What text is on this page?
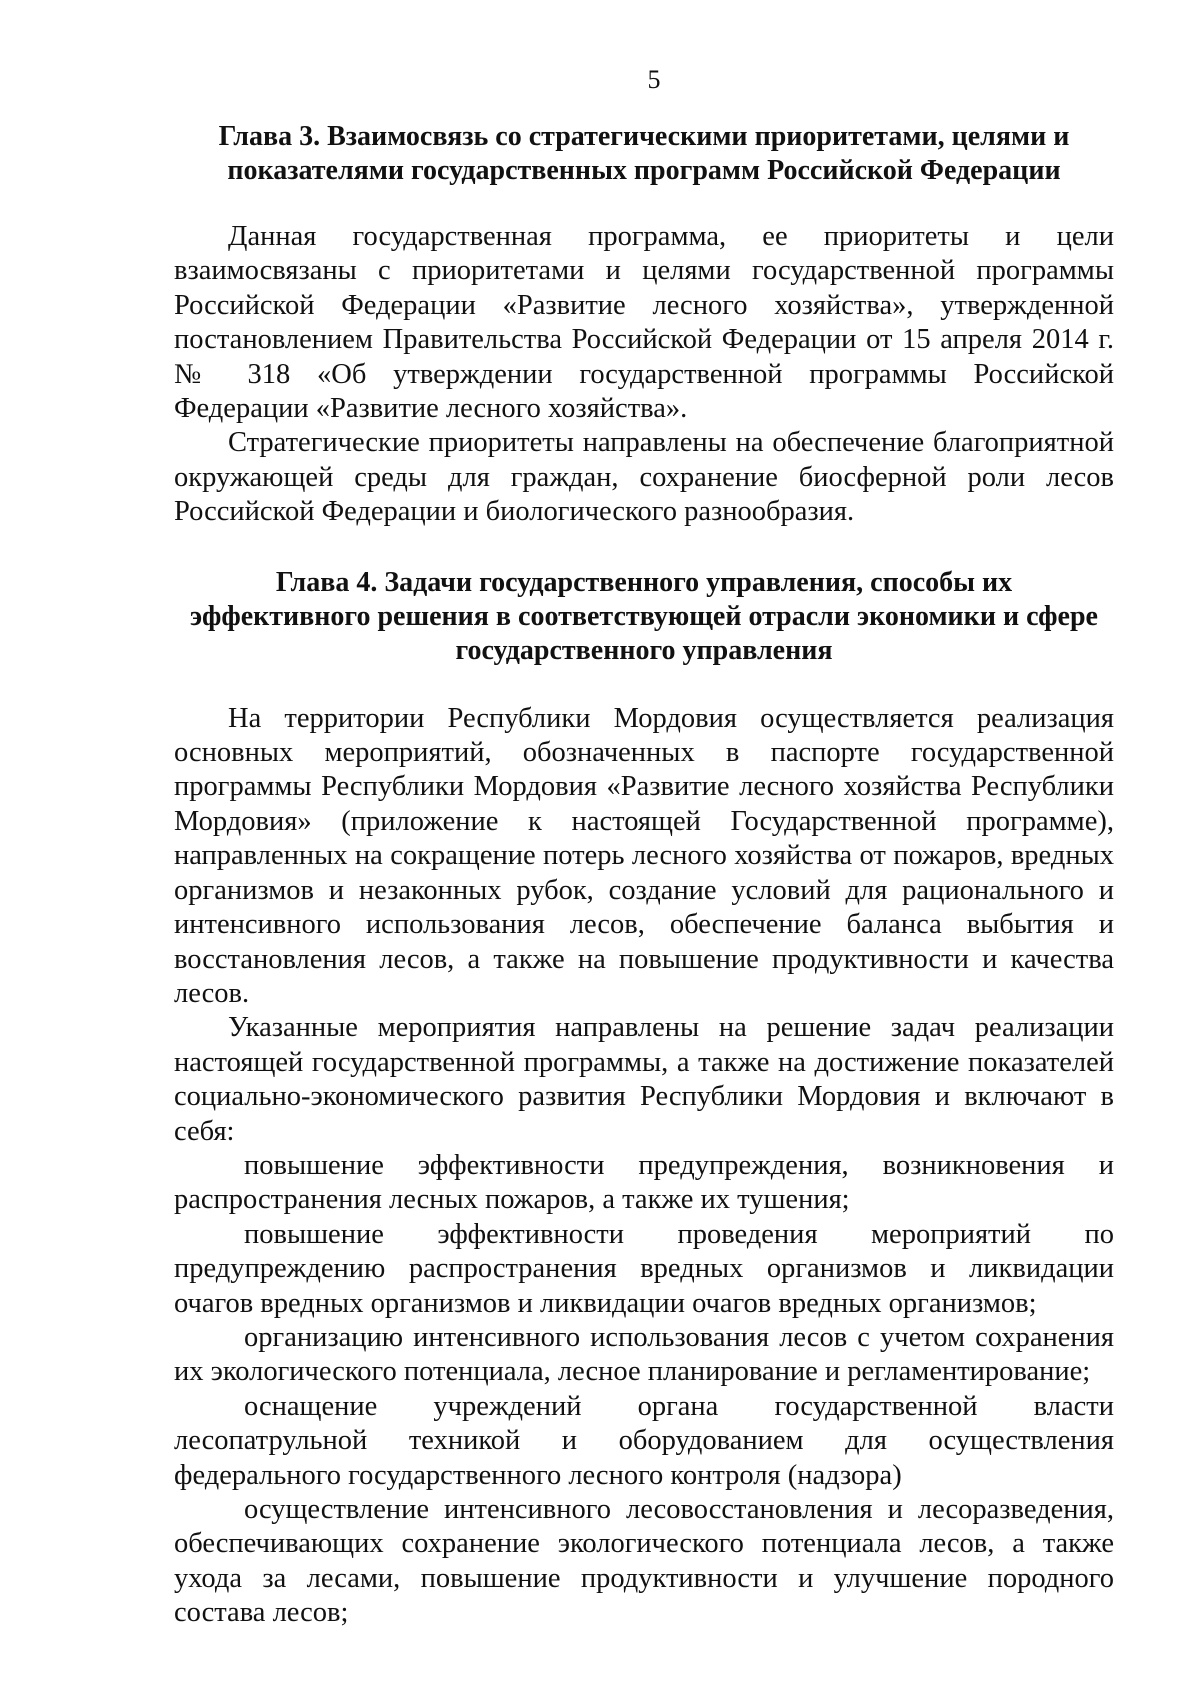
5
Глава 3. Взаимосвязь со стратегическими приоритетами, целями и
показателями государственных программ Российской Федерации

Данная государственная программа, ее приоритеты и цели взаимосвязаны с приоритетами и целями государственной программы Российской Федерации «Развитие лесного хозяйства», утвержденной постановлением Правительства Российской Федерации от 15 апреля 2014 г. № 318 «Об утверждении государственной программы Российской Федерации «Развитие лесного хозяйства».

Стратегические приоритеты направлены на обеспечение благоприятной окружающей среды для граждан, сохранение биосферной роли лесов Российской Федерации и биологического разнообразия.

Глава 4. Задачи государственного управления, способы их
эффективного решения в соответствующей отрасли экономики и сфере
государственного управления

На территории Республики Мордовия осуществляется реализация основных мероприятий, обозначенных в паспорте государственной программы Республики Мордовия «Развитие лесного хозяйства Республики Мордовия» (приложение к настоящей Государственной программе), направленных на сокращение потерь лесного хозяйства от пожаров, вредных организмов и незаконных рубок, создание условий для рационального и интенсивного использования лесов, обеспечение баланса выбытия и восстановления лесов, а также на повышение продуктивности и качества лесов.

Указанные мероприятия направлены на решение задач реализации настоящей государственной программы, а также на достижение показателей социально-экономического развития Республики Мордовия и включают в себя:

повышение эффективности предупреждения, возникновения и распространения лесных пожаров, а также их тушения;

повышение эффективности проведения мероприятий по предупреждению распространения вредных организмов и ликвидации очагов вредных организмов и ликвидации очагов вредных организмов;

организацию интенсивного использования лесов с учетом сохранения их экологического потенциала, лесное планирование и регламентирование;

оснащение учреждений органа государственной власти лесопатрульной техникой и оборудованием для осуществления федерального государственного лесного контроля (надзора)

осуществление интенсивного лесовосстановления и лесоразведения, обеспечивающих сохранение экологического потенциала лесов, а также ухода за лесами, повышение продуктивности и улучшение породного состава лесов;
